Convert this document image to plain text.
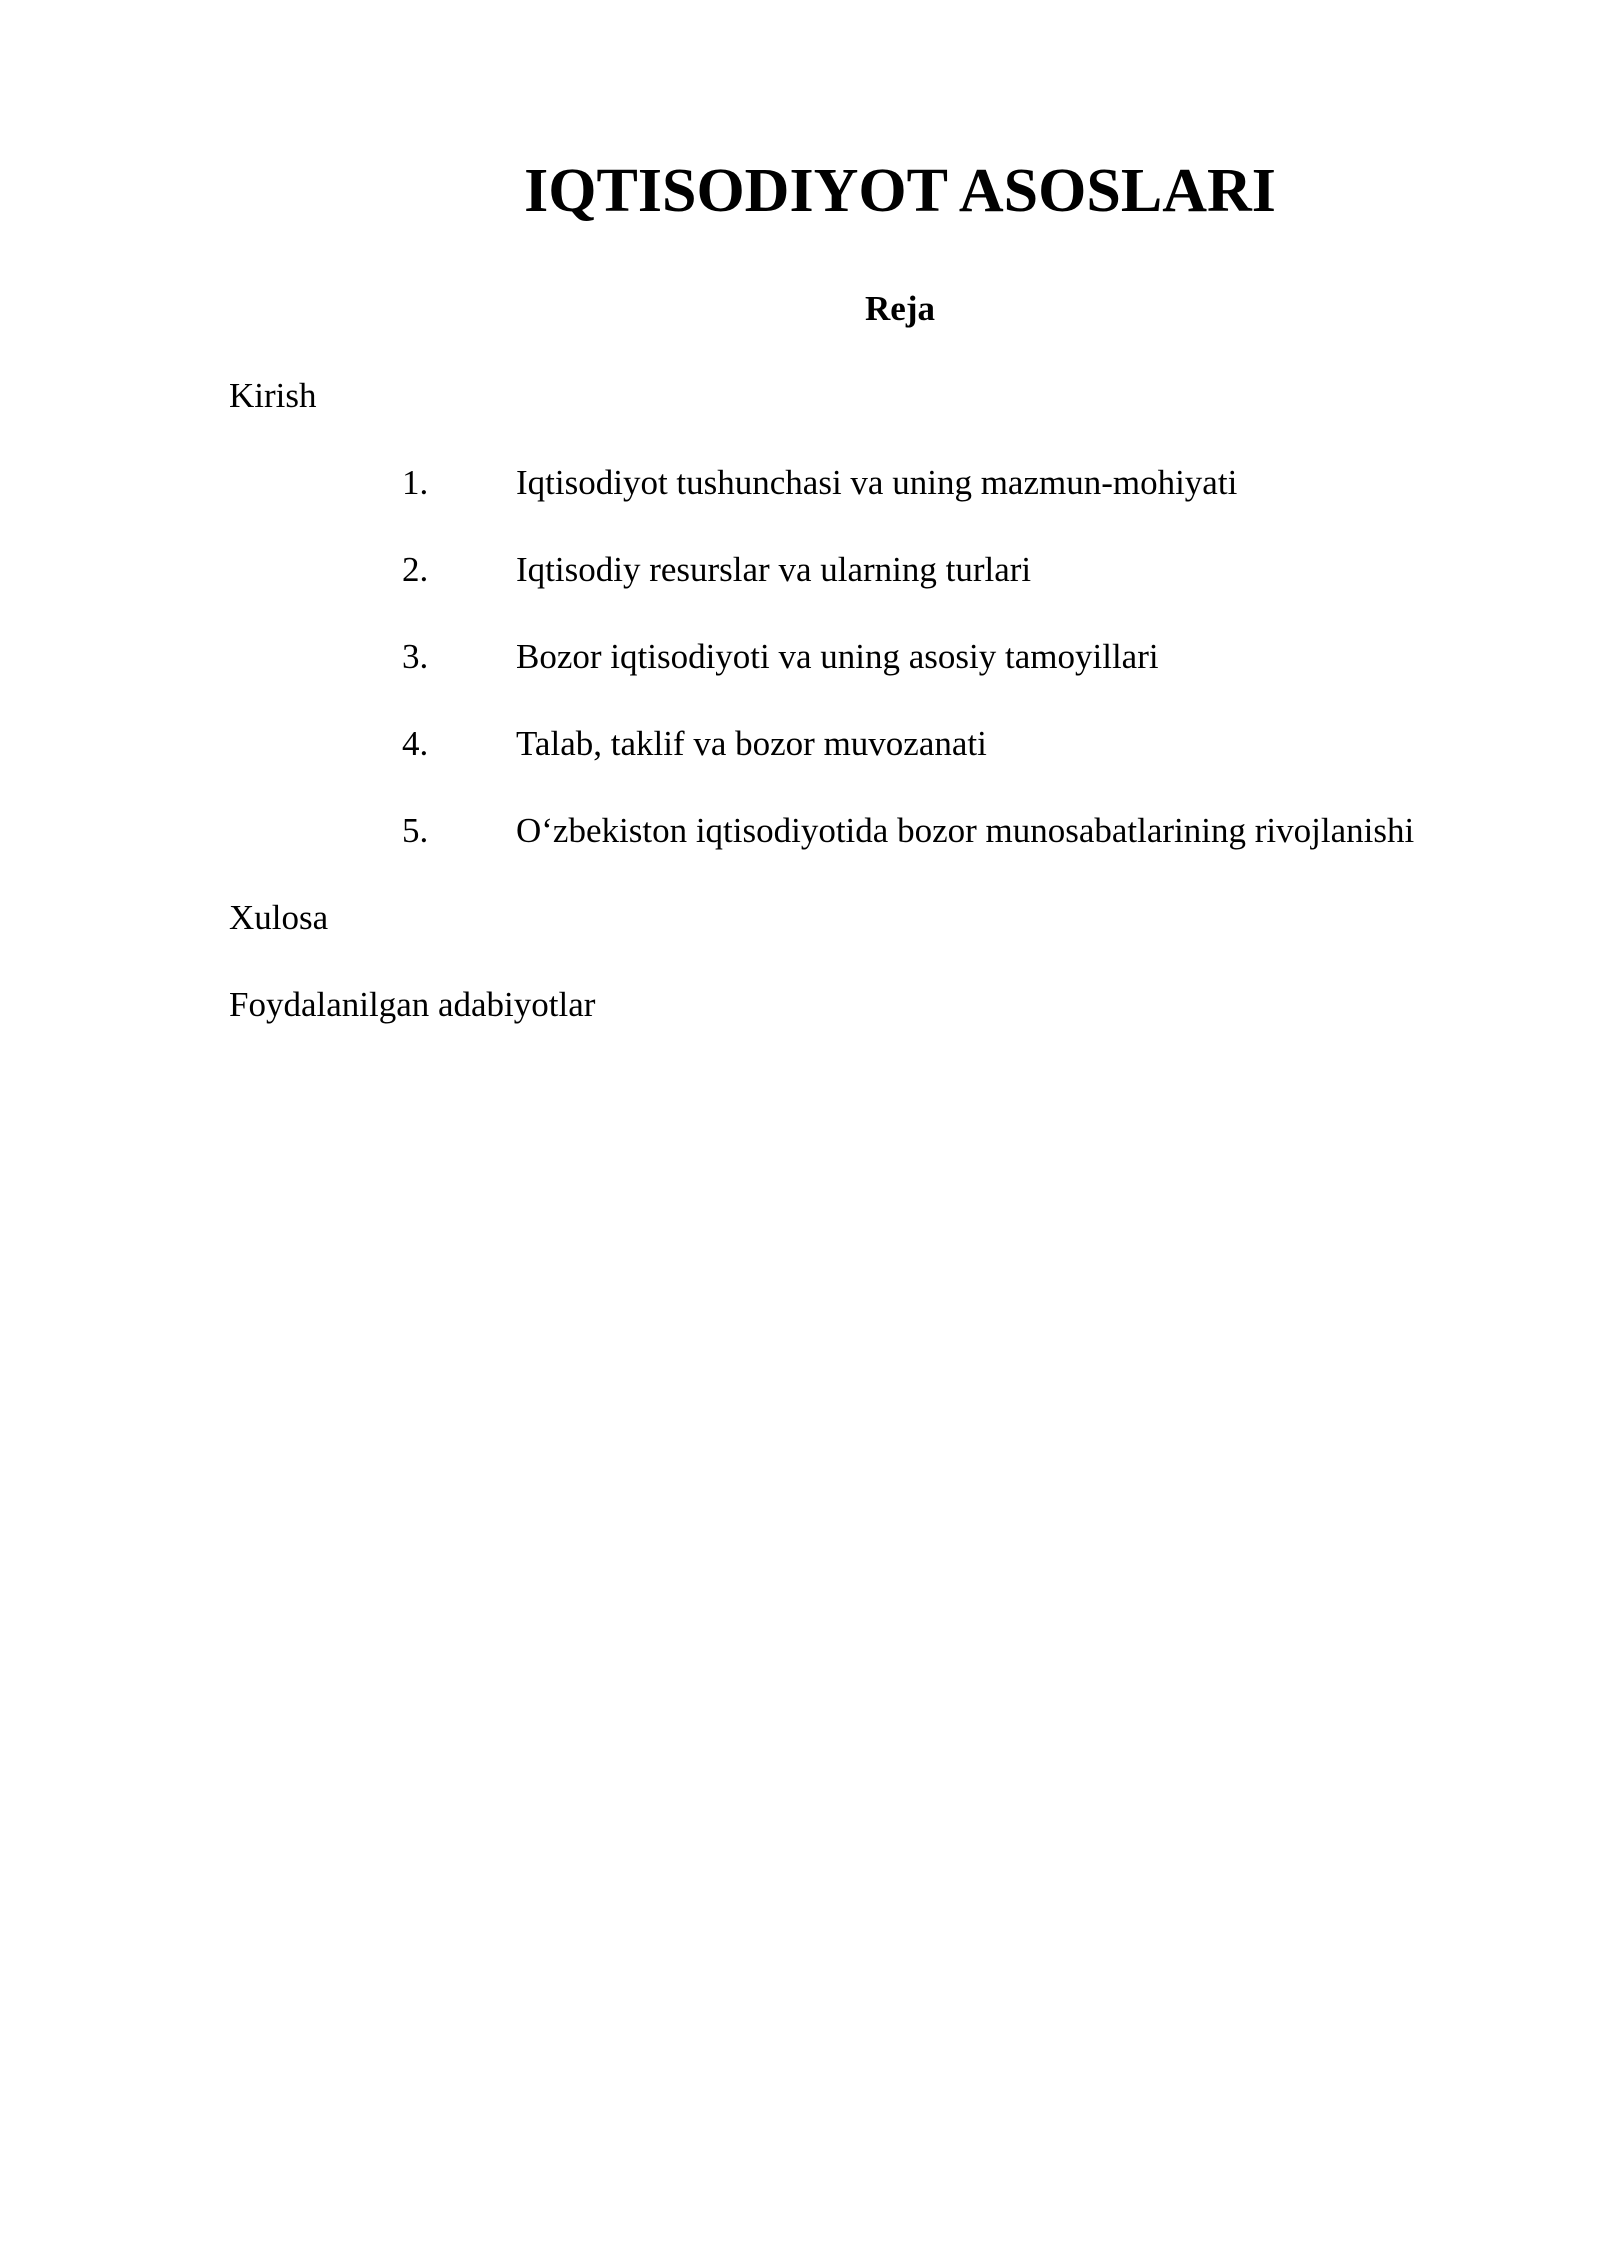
IQTISODIYOT ASOSLARI
Reja
Kirish
1.	Iqtisodiyot tushunchasi va uning mazmun-mohiyati
2.	Iqtisodiy resurslar va ularning turlari
3.	Bozor iqtisodiyoti va uning asosiy tamoyillari
4.	Talab, taklif va bozor muvozanati
5.	O‘zbekiston iqtisodiyotida bozor munosabatlarining rivojlanishi
Xulosa
Foydalanilgan adabiyotlar
